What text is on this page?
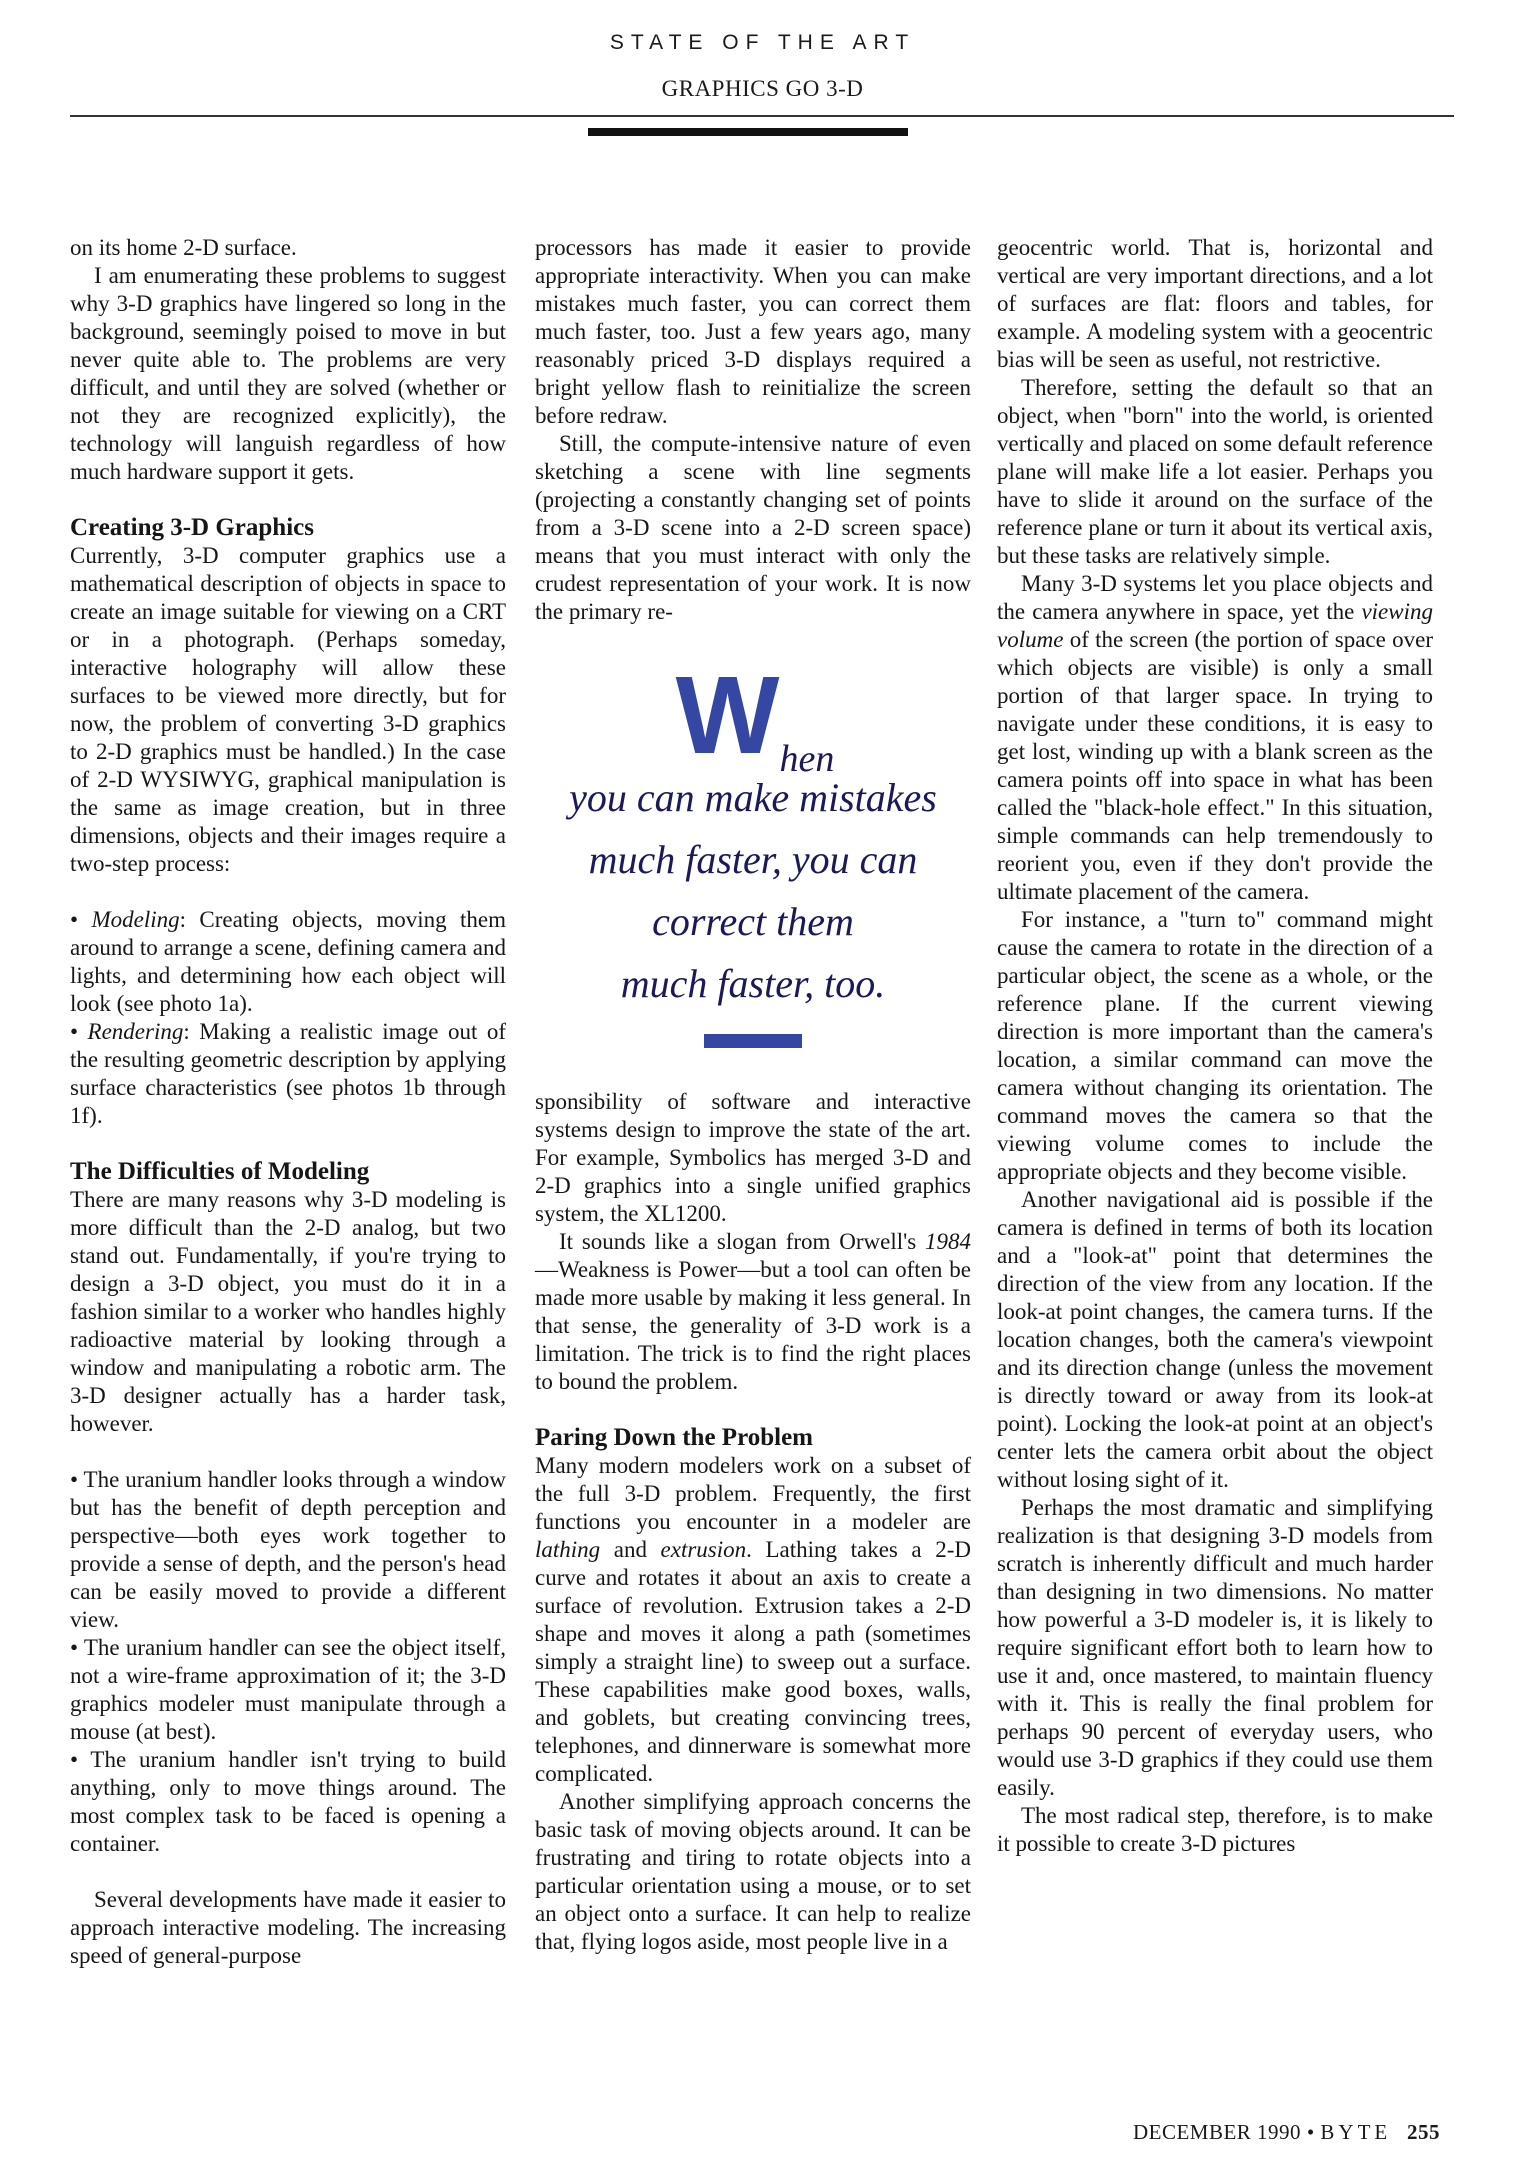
STATE OF THE ART
GRAPHICS GO 3-D

on its home 2-D surface.

I am enumerating these problems to suggest why 3-D graphics have lingered so long in the background, seemingly poised to move in but never quite able to. The problems are very difficult, and until they are solved (whether or not they are recognized explicitly), the technology will languish regardless of how much hardware support it gets.

Creating 3-D Graphics

Currently, 3-D computer graphics use a mathematical description of objects in space to create an image suitable for viewing on a CRT or in a photograph. (Perhaps someday, interactive holography will allow these surfaces to be viewed more directly, but for now, the problem of converting 3-D graphics to 2-D graphics must be handled.) In the case of 2-D WYSIWYG, graphical manipulation is the same as image creation, but in three dimensions, objects and their images require a two-step process:

• Modeling: Creating objects, moving them around to arrange a scene, defining camera and lights, and determining how each object will look (see photo 1a).

• Rendering: Making a realistic image out of the resulting geometric description by applying surface characteristics (see photos 1b through 1f).

The Difficulties of Modeling

There are many reasons why 3-D modeling is more difficult than the 2-D analog, but two stand out. Fundamentally, if you're trying to design a 3-D object, you must do it in a fashion similar to a worker who handles highly radioactive material by looking through a window and manipulating a robotic arm. The 3-D designer actually has a harder task, however.

• The uranium handler looks through a window but has the benefit of depth perception and perspective—both eyes work together to provide a sense of depth, and the person's head can be easily moved to provide a different view.

• The uranium handler can see the object itself, not a wire-frame approximation of it; the 3-D graphics modeler must manipulate through a mouse (at best).

• The uranium handler isn't trying to build anything, only to move things around. The most complex task to be faced is opening a container.

Several developments have made it easier to approach interactive modeling. The increasing speed of general-purpose

processors has made it easier to provide appropriate interactivity. When you can make mistakes much faster, you can correct them much faster, too. Just a few years ago, many reasonably priced 3-D displays required a bright yellow flash to reinitialize the screen before redraw.

Still, the compute-intensive nature of even sketching a scene with line segments (projecting a constantly changing set of points from a 3-D scene into a 2-D screen space) means that you must interact with only the crudest representation of your work. It is now the primary re-

When
you can make mistakes
much faster, you can
correct them
much faster, too.

sponsibility of software and interactive systems design to improve the state of the art. For example, Symbolics has merged 3-D and 2-D graphics into a single unified graphics system, the XL1200.

It sounds like a slogan from Orwell's 1984—Weakness is Power—but a tool can often be made more usable by making it less general. In that sense, the generality of 3-D work is a limitation. The trick is to find the right places to bound the problem.

Paring Down the Problem

Many modern modelers work on a subset of the full 3-D problem. Frequently, the first functions you encounter in a modeler are lathing and extrusion. Lathing takes a 2-D curve and rotates it about an axis to create a surface of revolution. Extrusion takes a 2-D shape and moves it along a path (sometimes simply a straight line) to sweep out a surface. These capabilities make good boxes, walls, and goblets, but creating convincing trees, telephones, and dinnerware is somewhat more complicated.

Another simplifying approach concerns the basic task of moving objects around. It can be frustrating and tiring to rotate objects into a particular orientation using a mouse, or to set an object onto a surface. It can help to realize that, flying logos aside, most people live in a

geocentric world. That is, horizontal and vertical are very important directions, and a lot of surfaces are flat: floors and tables, for example. A modeling system with a geocentric bias will be seen as useful, not restrictive.

Therefore, setting the default so that an object, when "born" into the world, is oriented vertically and placed on some default reference plane will make life a lot easier. Perhaps you have to slide it around on the surface of the reference plane or turn it about its vertical axis, but these tasks are relatively simple.

Many 3-D systems let you place objects and the camera anywhere in space, yet the viewing volume of the screen (the portion of space over which objects are visible) is only a small portion of that larger space. In trying to navigate under these conditions, it is easy to get lost, winding up with a blank screen as the camera points off into space in what has been called the "black-hole effect." In this situation, simple commands can help tremendously to reorient you, even if they don't provide the ultimate placement of the camera.

For instance, a "turn to" command might cause the camera to rotate in the direction of a particular object, the scene as a whole, or the reference plane. If the current viewing direction is more important than the camera's location, a similar command can move the camera without changing its orientation. The command moves the camera so that the viewing volume comes to include the appropriate objects and they become visible.

Another navigational aid is possible if the camera is defined in terms of both its location and a "look-at" point that determines the direction of the view from any location. If the look-at point changes, the camera turns. If the location changes, both the camera's viewpoint and its direction change (unless the movement is directly toward or away from its look-at point). Locking the look-at point at an object's center lets the camera orbit about the object without losing sight of it.

Perhaps the most dramatic and simplifying realization is that designing 3-D models from scratch is inherently difficult and much harder than designing in two dimensions. No matter how powerful a 3-D modeler is, it is likely to require significant effort both to learn how to use it and, once mastered, to maintain fluency with it. This is really the final problem for perhaps 90 percent of everyday users, who would use 3-D graphics if they could use them easily.

The most radical step, therefore, is to make it possible to create 3-D pictures

DECEMBER 1990 • BYTE 255
